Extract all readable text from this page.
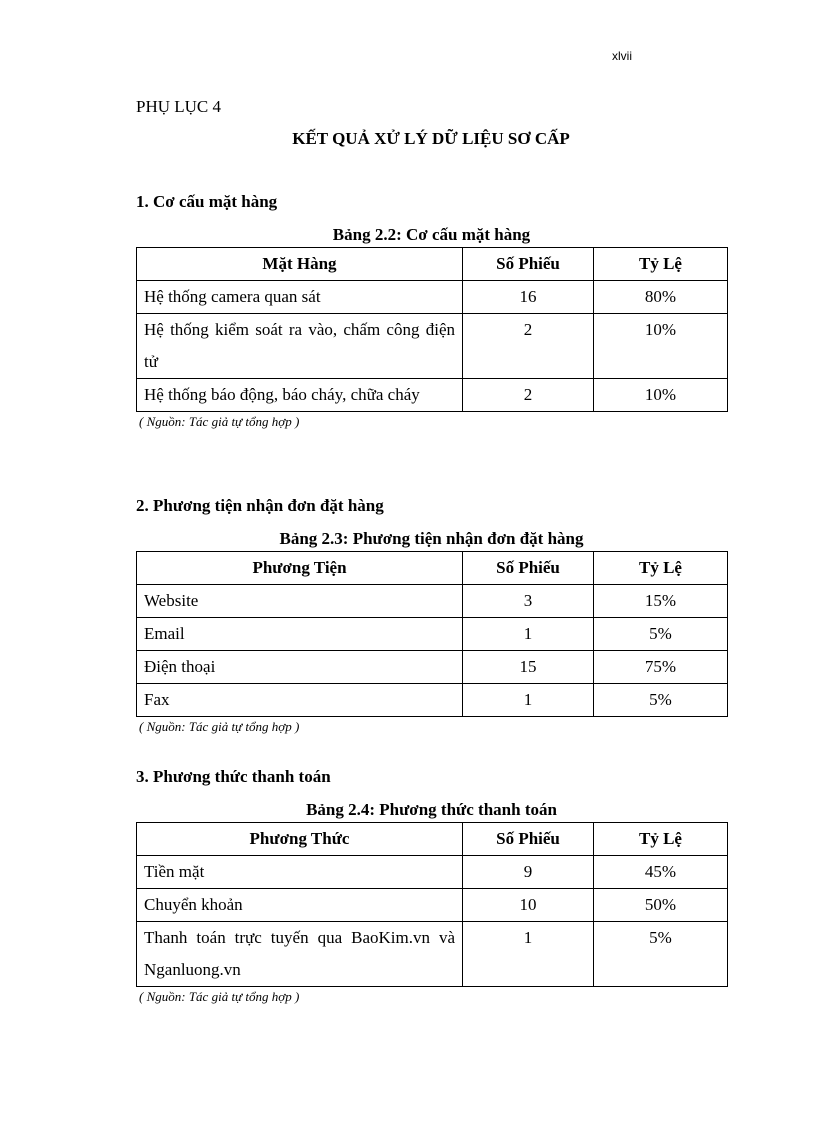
xlvii
PHỤ LỤC 4
KẾT QUẢ XỬ LÝ DỮ LIỆU SƠ CẤP
1. Cơ cấu mặt hàng
Bảng 2.2: Cơ cấu mặt hàng
Mặt Hàng	Số Phiếu	Tỷ Lệ
Hệ thống camera quan sát	16	80%
Hệ thống kiểm soát ra vào, chấm công điện tử	2	10%
Hệ thống báo động, báo cháy, chữa cháy	2	10%
( Nguồn: Tác giả tự tổng hợp )
2. Phương tiện nhận đơn đặt hàng
Bảng 2.3: Phương tiện nhận đơn đặt hàng
Phương Tiện	Số Phiếu	Tỷ Lệ
Website	3	15%
Email	1	5%
Điện thoại	15	75%
Fax	1	5%
( Nguồn: Tác giả tự tổng hợp )
3. Phương thức thanh toán
Bảng 2.4: Phương thức thanh toán
Phương Thức	Số Phiếu	Tỷ Lệ
Tiền mặt	9	45%
Chuyển khoản	10	50%
Thanh toán trực tuyến qua BaoKim.vn và Nganluong.vn	1	5%
( Nguồn: Tác giả tự tổng hợp )
